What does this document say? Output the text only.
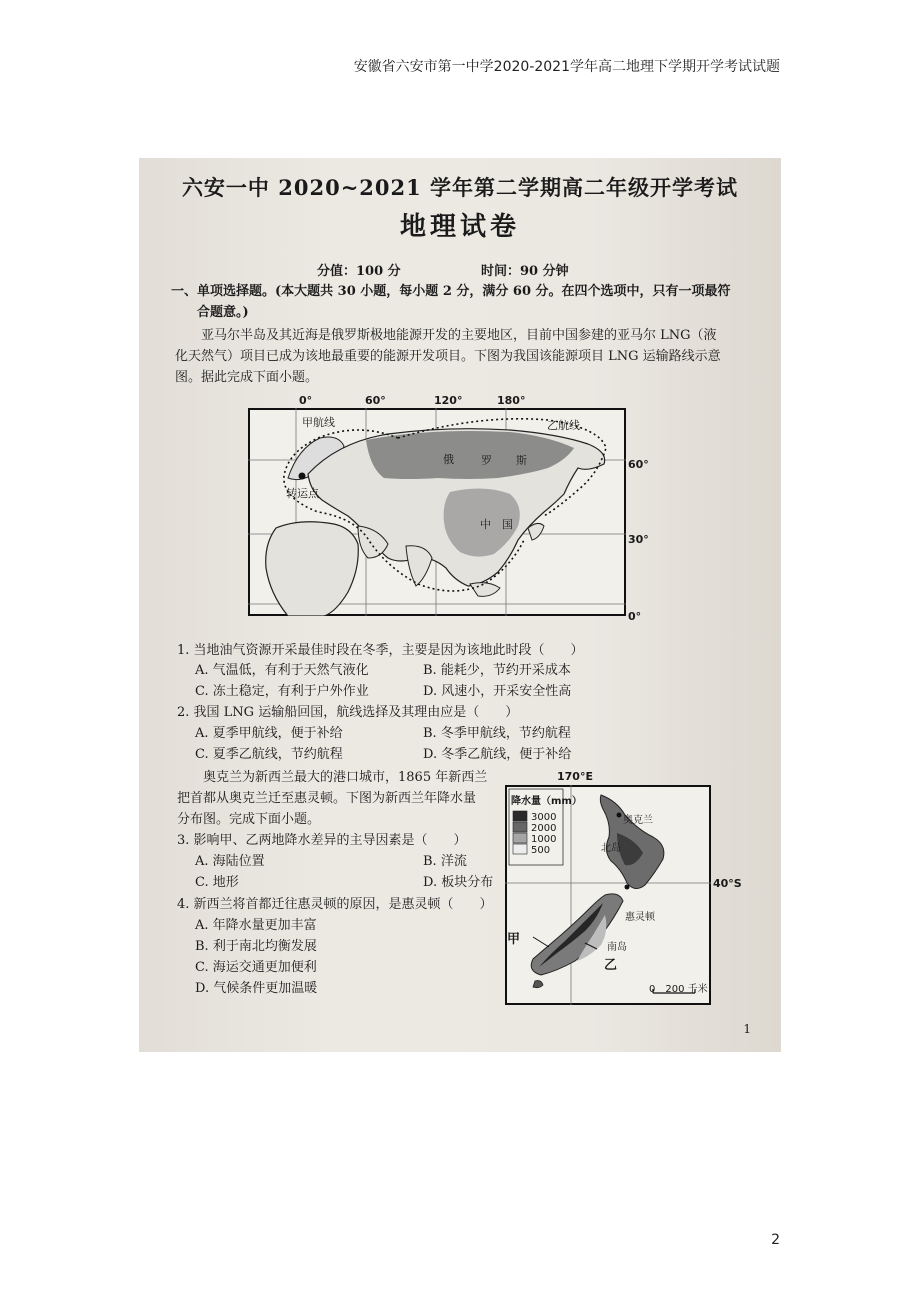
安徽省六安市第一中学2020-2021学年高二地理下学期开学考试试题
六安一中 2020~2021 学年第二学期高二年级开学考试
地理试卷
分值：100 分	时间：90 分钟
一、单项选择题。(本大题共 30 小题，每小题 2 分，满分 60 分。在四个选项中，只有一项最符
合题意。)
亚马尔半岛及其近海是俄罗斯极地能源开发的主要地区，目前中国参建的亚马尔 LNG（液
化天然气）项目已成为该地最重要的能源开发项目。下图为我国该能源项目 LNG 运输路线示意
图。据此完成下面小题。
0°	60°	120°	180°
甲航线	乙航线
转运点
俄 罗 斯
中　国
60°
30°
0°
1. 当地油气资源开采最佳时段在冬季，主要是因为该地此时段（　　）
A. 气温低，有利于天然气液化	B. 能耗少，节约开采成本
C. 冻土稳定，有利于户外作业	D. 风速小，开采安全性高
2. 我国 LNG 运输船回国，航线选择及其理由应是（　　）
A. 夏季甲航线，便于补给	B. 冬季甲航线，节约航程
C. 夏季乙航线，节约航程	D. 冬季乙航线，便于补给
奥克兰为新西兰最大的港口城市，1865 年新西兰
把首都从奥克兰迁至惠灵顿。下图为新西兰年降水量
分布图。完成下面小题。
3. 影响甲、乙两地降水差异的主导因素是（　　）
A. 海陆位置	B. 洋流
C. 地形	D. 板块分布
4. 新西兰将首都迁往惠灵顿的原因，是惠灵顿（　　）
A. 年降水量更加丰富
B. 利于南北均衡发展
C. 海运交通更加便利
D. 气候条件更加温暖
170°E
降水量（mm）
3000
2000
1000
500
奥克兰
北岛
40°S
惠灵顿
南岛
甲
乙
0　200 千米
1
2
